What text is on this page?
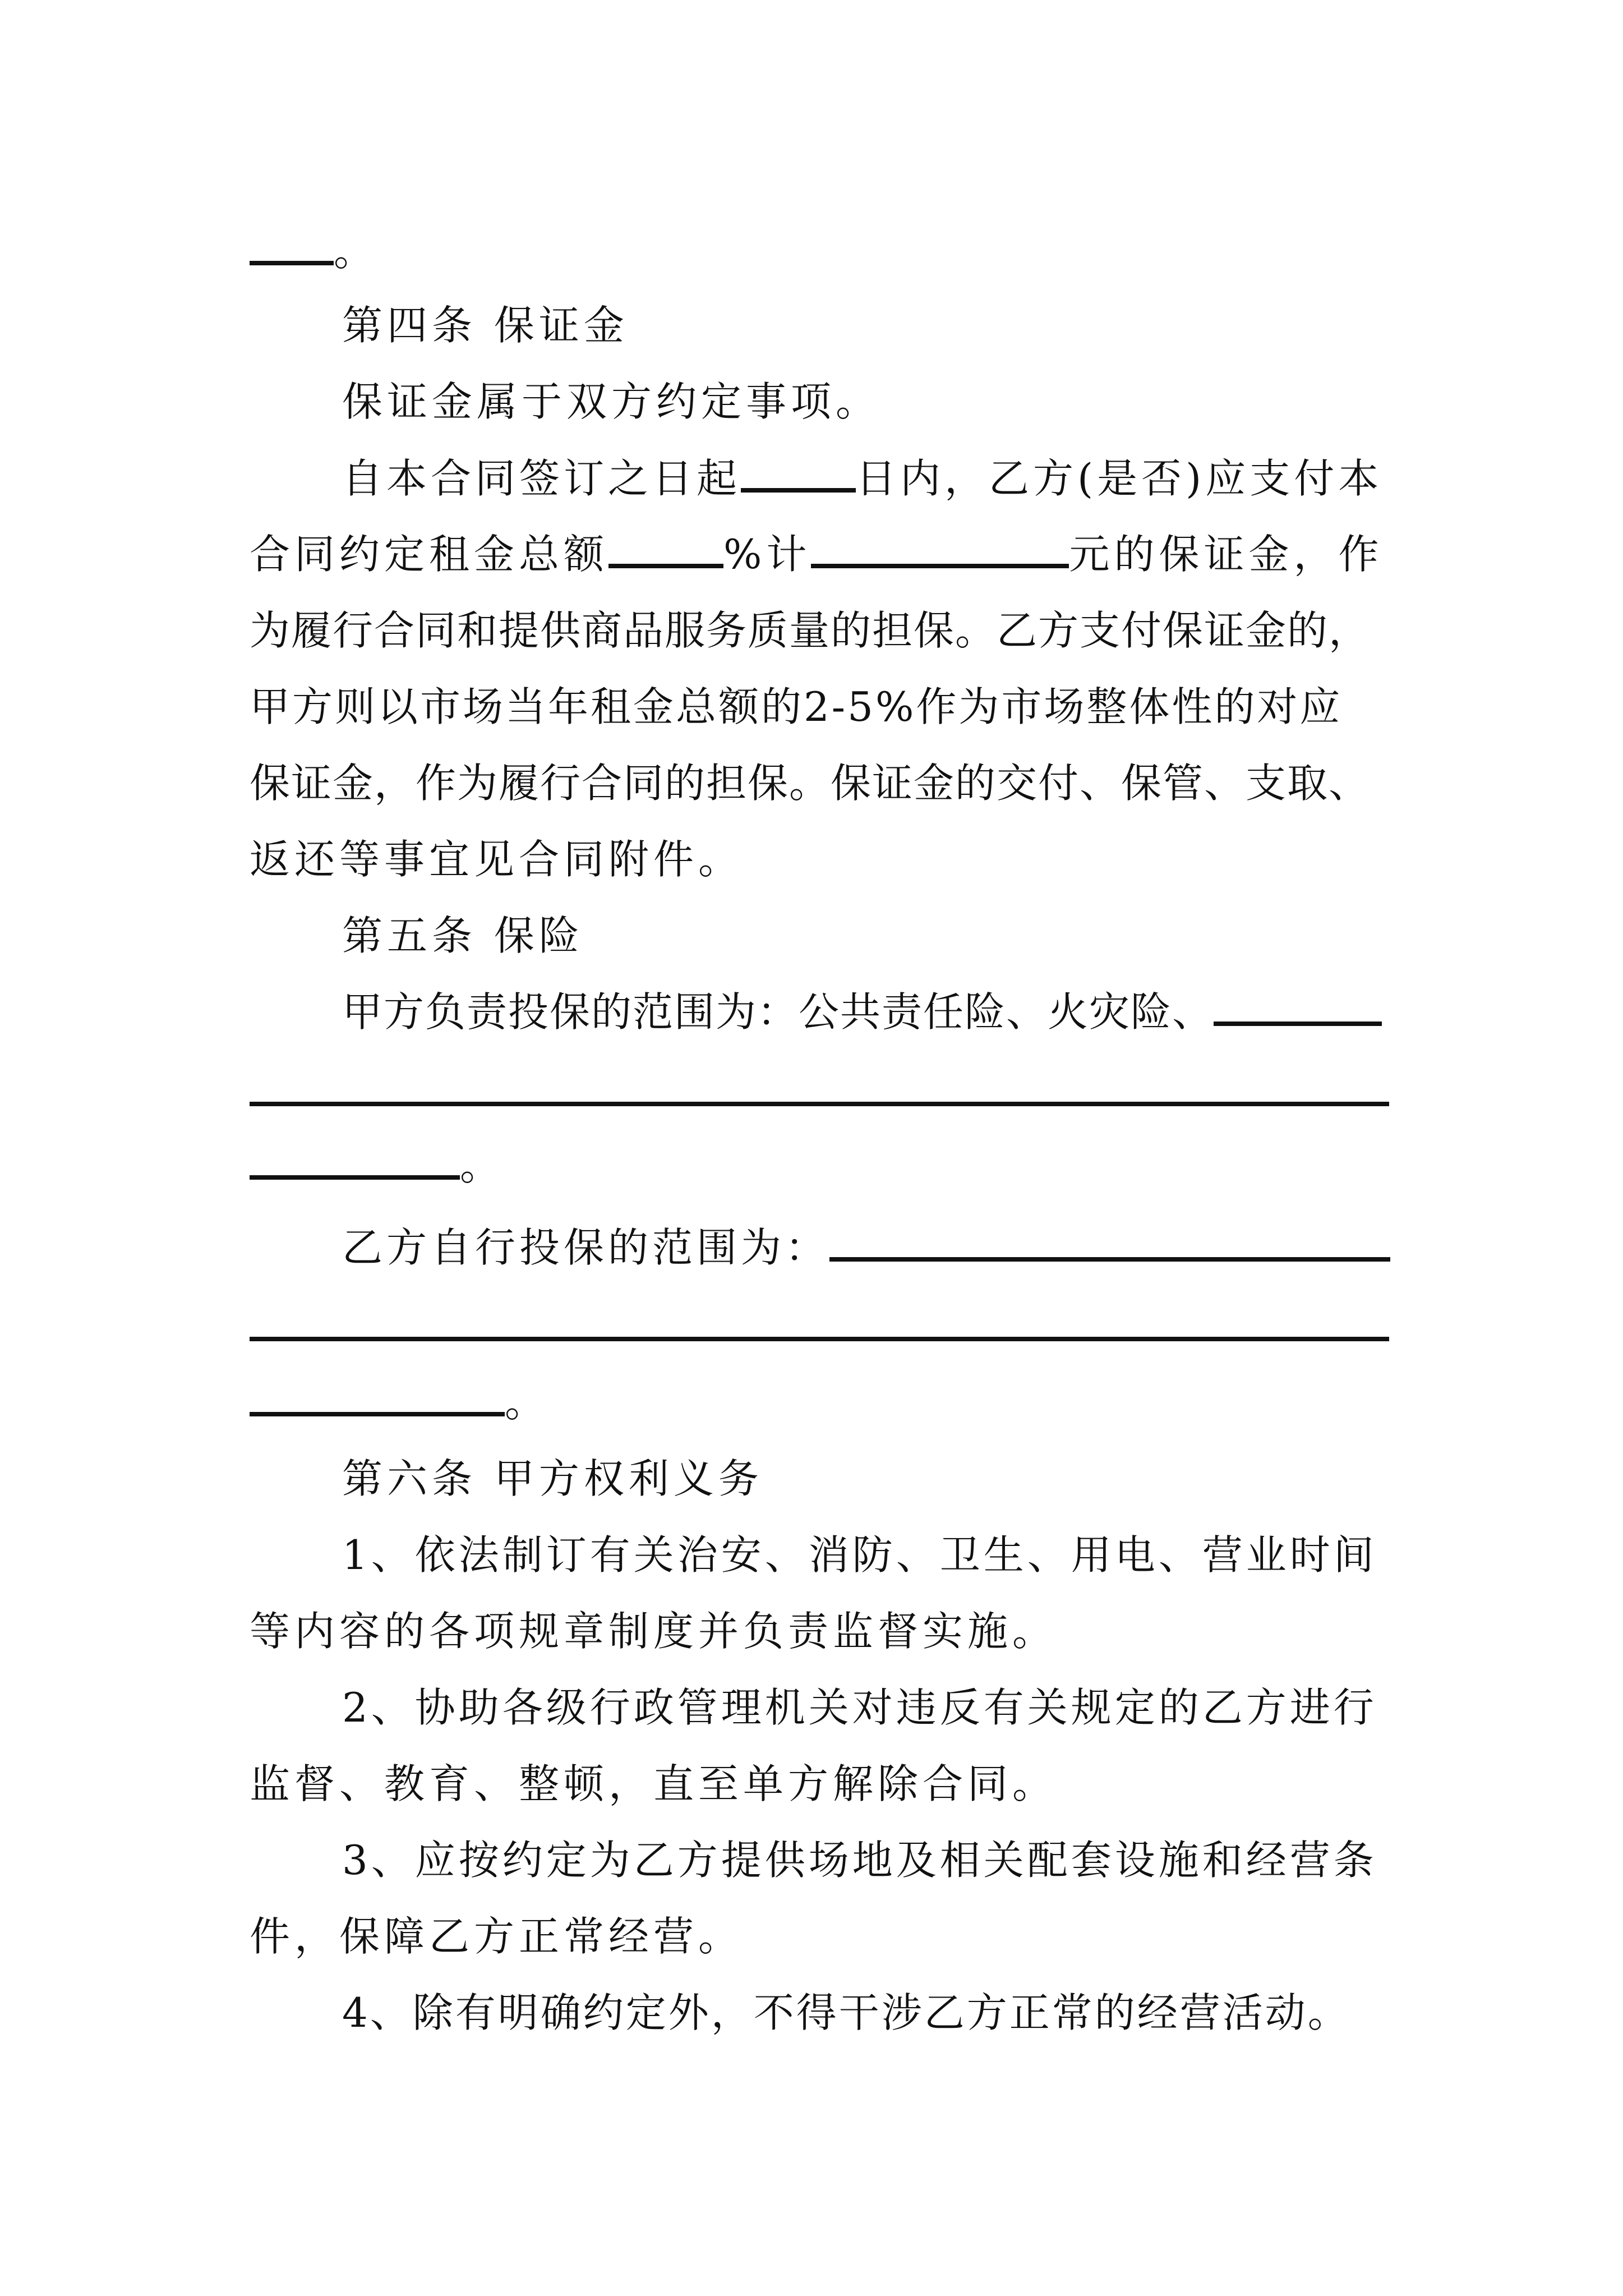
。
第四条 保证金
保证金属于双方约定事项。
自本合同签订之日起	日内，乙方(是否)应支付本
合同约定租金总额	%计	元的保证金，作
为履行合同和提供商品服务质量的担保。乙方支付保证金的，
甲方则以市场当年租金总额的2-5%作为市场整体性的对应
保证金，作为履行合同的担保。保证金的交付、保管、支取、
返还等事宜见合同附件。
第五条 保险
甲方负责投保的范围为：公共责任险、火灾险、
。
乙方自行投保的范围为：
。
第六条 甲方权利义务
1、依法制订有关治安、消防、卫生、用电、营业时间
等内容的各项规章制度并负责监督实施。
2、协助各级行政管理机关对违反有关规定的乙方进行
监督、教育、整顿，直至单方解除合同。
3、应按约定为乙方提供场地及相关配套设施和经营条
件，保障乙方正常经营。
4、除有明确约定外，不得干涉乙方正常的经营活动。
